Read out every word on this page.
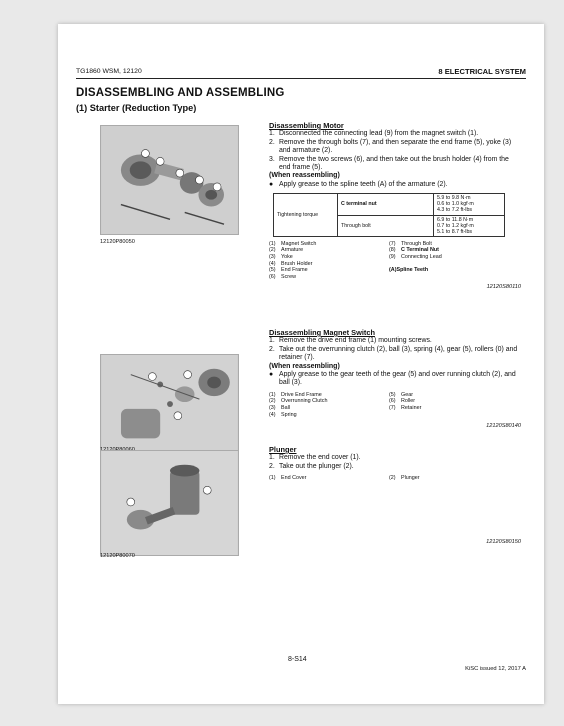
TG1860 WSM, 12120	8 ELECTRICAL SYSTEM
DISASSEMBLING AND ASSEMBLING
(1) Starter (Reduction Type)
12120P80050
12120P80070
Disassembling Motor
1. Disconnected the connecting lead (9) from the magnet switch (1).
2. Remove the through bolts (7), and then separate the end frame (5), yoke (3) and armature (2).
3. Remove the two screws (6), and then take out the brush holder (4) from the end frame (5).
(When reassembling)
● Apply grease to the spline teeth (A) of the armature (2).
Tightening torque	C terminal nut	5.9 to 9.8 N·m
0.6 to 1.0 kgf·m
4.3 to 7.2 ft-lbs

	Through bolt	6.9 to 11.8 N·m
0.7 to 1.2 kgf·m
5.1 to 8.7 ft-lbs
(1) Magnet Switch	(7) Through Bolt
(2) Armature	(8) C Terminal Nut
(3) Yoke	(9) Connecting Lead
(4) Brush Holder

(5) End Frame	(A)Spline Teeth
(6) Screw

12120S80110
Disassembling Magnet Switch
1. Remove the drive end frame (1) mounting screws.
2. Take out the overrunning clutch (2), ball (3), spring (4), gear (5), rollers (0) and retainer (7).
(When reassembling)
● Apply grease to the gear teeth of the gear (5) and over running clutch (2), and ball (3).
(1) Drive End Frame	(5) Gear
(2) Overrunning Clutch	(6) Roller
(3) Ball	(7) Retainer
(4) Spring

12120S80140
Plunger
1. Remove the end cover (1).
2. Take out the plunger (2).
(1) End Cover	(2) Plunger
12120S80150
8-S14
KiSC issued 12, 2017 A
